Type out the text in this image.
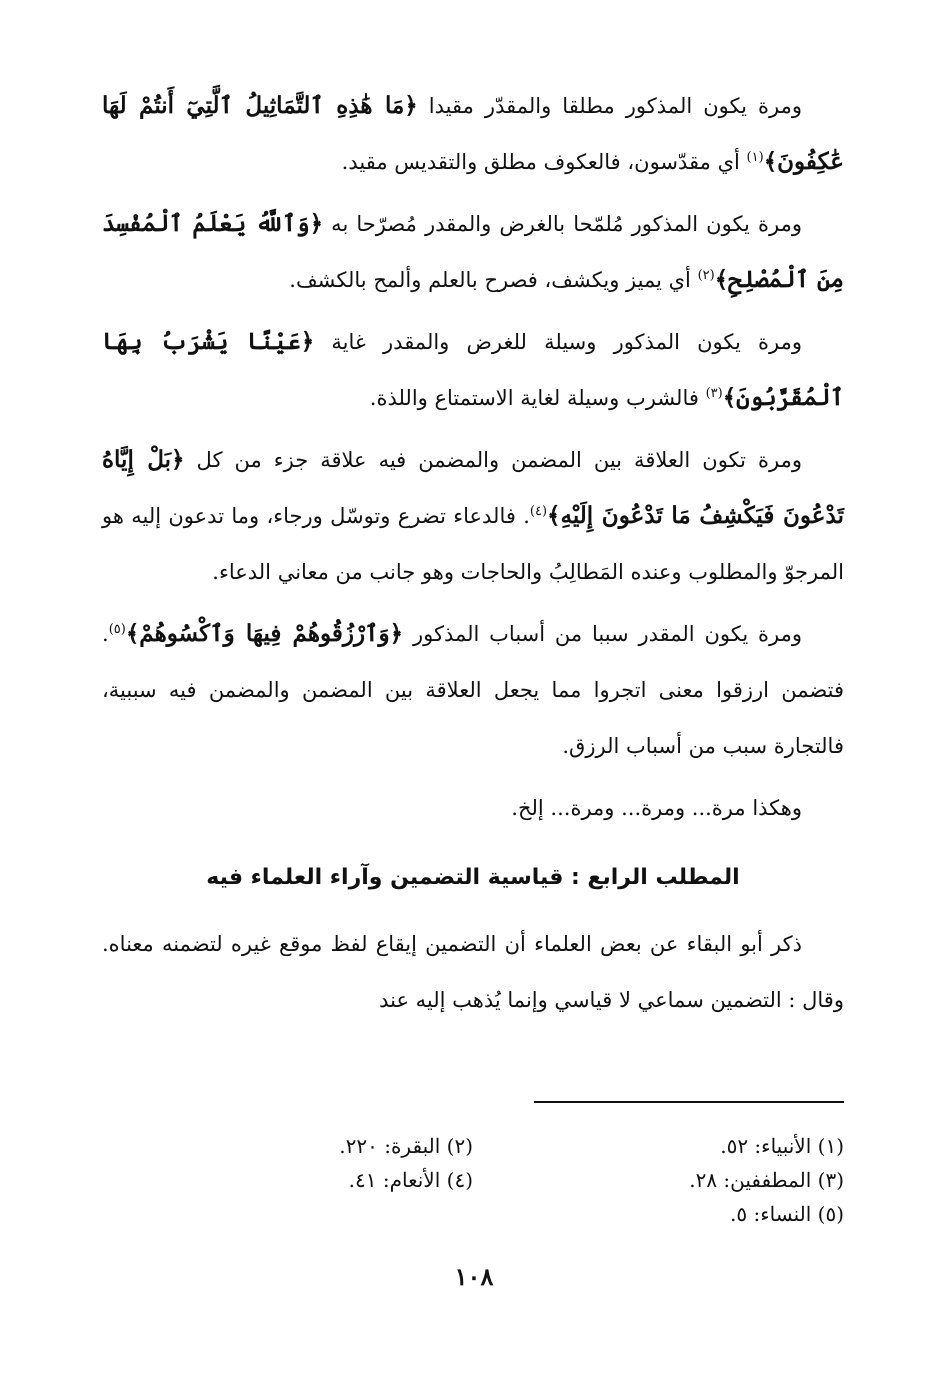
ومرة يكون المذكور مطلقا والمقدّر مقيدا ﴿مَا هَٰذِهِ ٱلتَّمَاثِيلُ ٱلَّتِيٓ أَنتُمْ لَهَا عَٰكِفُونَ﴾$^{(١)}$ أي مقدّسون، فالعكوف مطلق والتقديس مقيد.

ومرة يكون المذكور مُلمّحا بالغرض والمقدر مُصرّحا به ﴿وَٱللَّهُ يَعْلَمُ ٱلْمُفْسِدَ مِنَ ٱلْمُصْلِحِ﴾$^{(٢)}$ أي يميز ويكشف، فصرح بالعلم وألمح بالكشف.

ومرة يكون المذكور وسيلة للغرض والمقدر غاية ﴿عَيْنًا يَشْرَبُ بِهَا ٱلْمُقَرَّبُونَ﴾$^{(٣)}$ فالشرب وسيلة لغاية الاستمتاع واللذة.

ومرة تكون العلاقة بين المضمن والمضمن فيه علاقة جزء من كل ﴿بَلْ إِيَّاهُ تَدْعُونَ فَيَكْشِفُ مَا تَدْعُونَ إِلَيْهِ﴾$^{(٤)}$. فالدعاء تضرع وتوسّل ورجاء، وما تدعون إليه هو المرجوّ والمطلوب وعنده المَطالِبُ والحاجات وهو جانب من معاني الدعاء.

ومرة يكون المقدر سببا من أسباب المذكور ﴿وَٱرْزُقُوهُمْ فِيهَا وَٱكْسُوهُمْ﴾$^{(٥)}$. فتضمن ارزقوا معنى اتجروا مما يجعل العلاقة بين المضمن والمضمن فيه سببية، فالتجارة سبب من أسباب الرزق.

وهكذا مرة... ومرة... ومرة... إلخ.

المطلب الرابع : قياسية التضمين وآراء العلماء فيه

ذكر أبو البقاء عن بعض العلماء أن التضمين إيقاع لفظ موقع غيره لتضمنه معناه. وقال : التضمين سماعي لا قياسي وإنما يُذهب إليه عند

(١) الأنبياء: ٥٢.
(٢) البقرة: ٢٢٠.
(٣) المطففين: ٢٨.
(٤) الأنعام: ٤١.
(٥) النساء: ٥.
١٠٨
